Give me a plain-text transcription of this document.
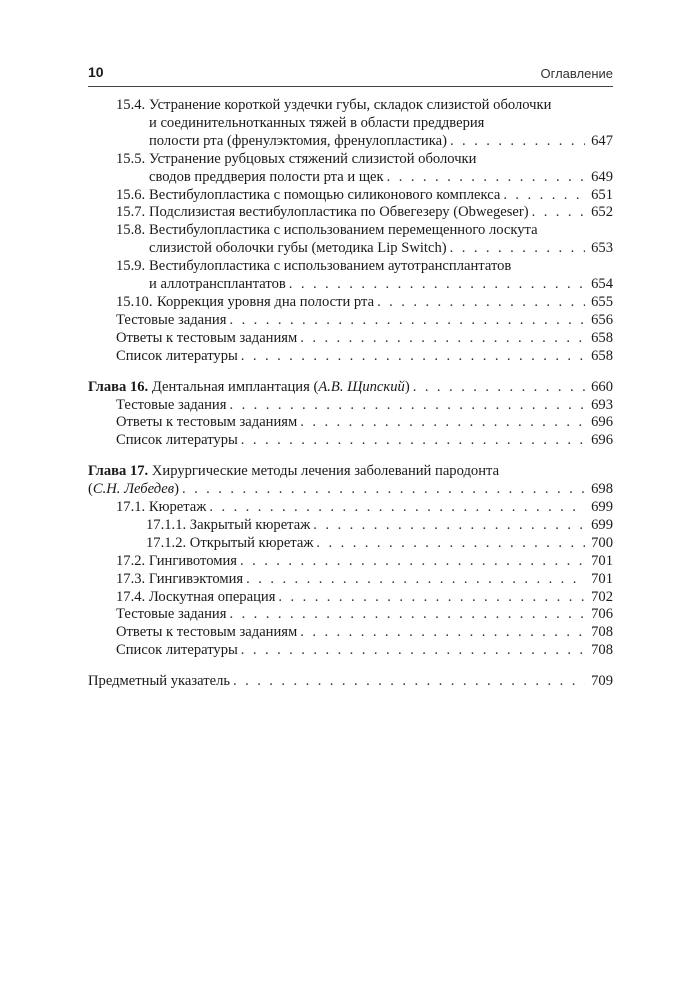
10	Оглавление
15.4. Устранение короткой уздечки губы, складок слизистой оболочки
и соединительнотканных тяжей в области преддверия
полости рта (френулэктомия, френулопластика) . . .	647
15.5. Устранение рубцовых стяжений слизистой оболочки
сводов преддверия полости рта и щек . . .	649
15.6. Вестибулопластика с помощью силиконового комплекса . . .	651
15.7. Подслизистая вестибулопластика по Обвегезеру (Obwegeser) . . .	652
15.8. Вестибулопластика с использованием перемещенного лоскута
слизистой оболочки губы (методика Lip Switch) . . .	653
15.9. Вестибулопластика с использованием аутотрансплантатов
и аллотрансплантатов . . .	654
15.10. Коррекция уровня дна полости рта . . .	655
Тестовые задания . . .	656
Ответы к тестовым заданиям . . .	658
Список литературы . . .	658
Глава 16. Дентальная имплантация (А.В. Щипский) . . .	660
Тестовые задания . . .	693
Ответы к тестовым заданиям . . .	696
Список литературы . . .	696
Глава 17. Хирургические методы лечения заболеваний пародонта
(С.Н. Лебедев) . . .	698
17.1. Кюретаж . . .	699
17.1.1. Закрытый кюретаж . . .	699
17.1.2. Открытый кюретаж . . .	700
17.2. Гингивотомия . . .	701
17.3. Гингивэктомия . . .	701
17.4. Лоскутная операция . . .	702
Тестовые задания . . .	706
Ответы к тестовым заданиям . . .	708
Список литературы . . .	708
Предметный указатель . . .	709
